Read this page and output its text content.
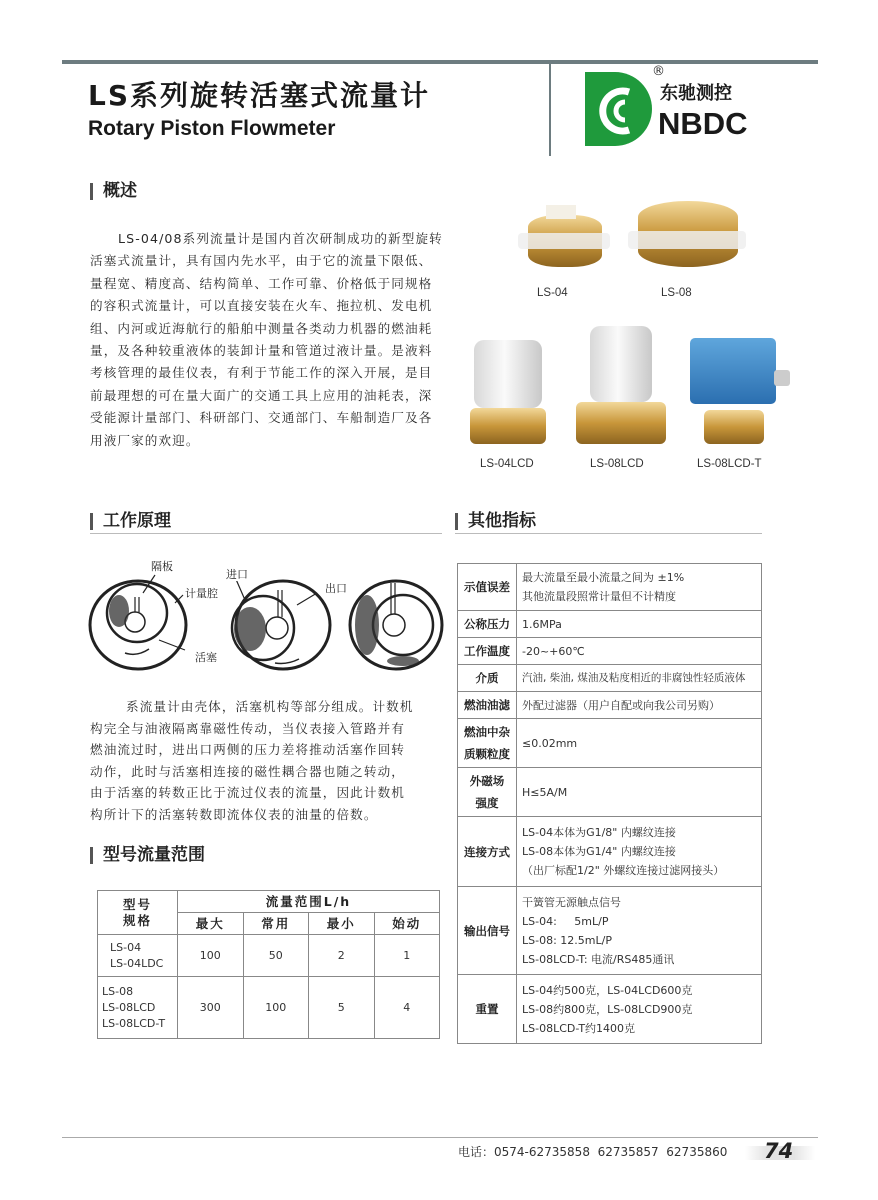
LS系列旋转活塞式流量计
Rotary Piston Flowmeter
®
东驰测控
NBDC
概述
LS-04/08系列流量计是国内首次研制成功的新型旋转
活塞式流量计，具有国内先水平，由于它的流量下限低、
量程宽、精度高、结构简单、工作可靠、价格低于同规格
的容积式流量计，可以直接安装在火车、拖拉机、发电机
组、内河或近海航行的船舶中测量各类动力机器的燃油耗
量，及各种较重液体的装卸计量和管道过液计量。是液料
考核管理的最佳仪表，有利于节能工作的深入开展，是目
前最理想的可在量大面广的交通工具上应用的油耗表，深
受能源计量部门、科研部门、交通部门、车船制造厂及各
用液厂家的欢迎。
LS-04	LS-08
LS-04LCD	LS-08LCD	LS-08LCD-T
工作原理
隔板
计量腔
活塞
进口
出口
系流量计由壳体，活塞机构等部分组成。计数机
构完全与油液隔离靠磁性传动，当仪表接入管路并有
燃油流过时，进出口两侧的压力差将推动活塞作回转
动作，此时与活塞相连接的磁性耦合器也随之转动，
由于活塞的转数正比于流过仪表的流量，因此计数机
构所计下的活塞转数即流体仪表的油量的倍数。
型号流量范围
型号
规格	流量范围L/h			
	最大	常用	最小	始动

LS-04
LS-04LDC	100	50	2	1

LS-08
LS-08LCD
LS-08LCD-T	300	100	5	4
其他指标
示值误差	最大流量至最小流量之间为 ±1%
其他流量段照常计量但不计精度

公称压力	1.6MPa
工作温度	-20~+60℃
介质	汽油, 柴油, 煤油及粘度相近的非腐蚀性轻质液体
燃油油滤	外配过滤器（用户自配或向我公司另购）

燃油中杂
质颗粒度	≤0.02mm

外磁场
强度	H≤5A/M
连接方式	LS-04本体为G1/8" 内螺纹连接
LS-08本体为G1/4" 内螺纹连接
（出厂标配1/2" 外螺纹连接过滤网接头）

输出信号	干簧管无源触点信号
LS-04:     5mL/P
LS-08: 12.5mL/P
LS-08LCD-T: 电流/RS485通讯

重置	LS-04约500克，LS-04LCD600克
LS-08约800克，LS-08LCD900克
LS-08LCD-T约1400克
电话：0574-62735858  62735857  62735860 74
